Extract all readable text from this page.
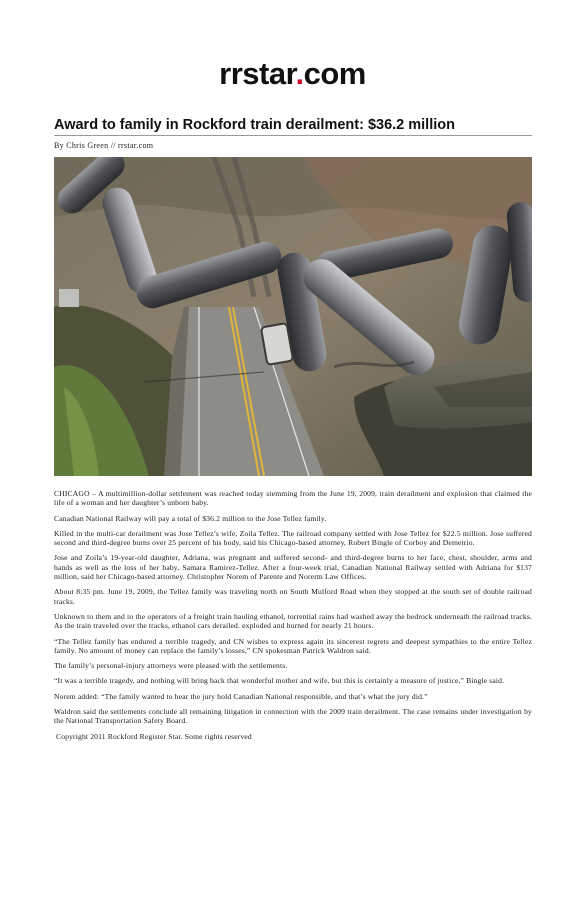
rrstar.com
Award to family in Rockford train derailment: $36.2 million
By Chris Green // rrstar.com

CHICAGO – A multimillion-dollar settlement was reached today stemming from the June 19, 2009, train derailment and explosion that claimed the life of a woman and her daughter’s unborn baby.

Canadian National Railway will pay a total of $36.2 million to the Jose Tellez family.

Killed in the multi-car derailment was Jose Tellez’s wife, Zoila Tellez. The railroad company settled with Jose Tellez for $22.5 million. Jose suffered second and third-degree burns over 25 percent of his body, said his Chicago-based attorney, Robert Bingle of Corboy and Demetrio.

Jose and Zoila’s 19-year-old daughter, Adriana, was pregnant and suffered second- and third-degree burns to her face, chest, shoulder, arms and hands as well as the loss of her baby, Samara Ramirez-Tellez. After a four-week trial, Canadian National Railway settled with Adriana for $137 million, said her Chicago-based attorney. Christopher Norem of Parente and Norerm Law Offices.

About 8:35 pm. June 19, 2009, the Tellez family was traveling north on South Mulford Road when they stopped at the south set of double railroad tracks.

Unknown to them and to the operators of a freight train hauling ethanol, torrential rains had washed away the bedrock underneath the railroad tracks. As the train traveled over the tracks, ethanol cars derailed. exploded and burned for nearly 21 hours.

“The Tellez family has endured a terrible tragedy, and CN wishes to express again its sincerest regrets and deepest sympathies to the entire Tellez family. No amount of money can replace the family’s losses,” CN spokesman Patrick Waldron said.

The family’s personal-injury attorneys were pleased with the settlements.

“It was a terrible tragedy, and nothing will bring back that wonderful mother and wife, but this is certainly a measure of justice,” Bingle said.

Norem added: “The family wanted to hear the jury hold Canadian National responsible, and that’s what the jury did.”

Waldron said the settlements conclude all remaining litigation in connection with the 2009 train derailment. The case remains under investigation by the National Transportation Safety Board.

Copyright 2011 Rockford Register Star. Some rights reserved
